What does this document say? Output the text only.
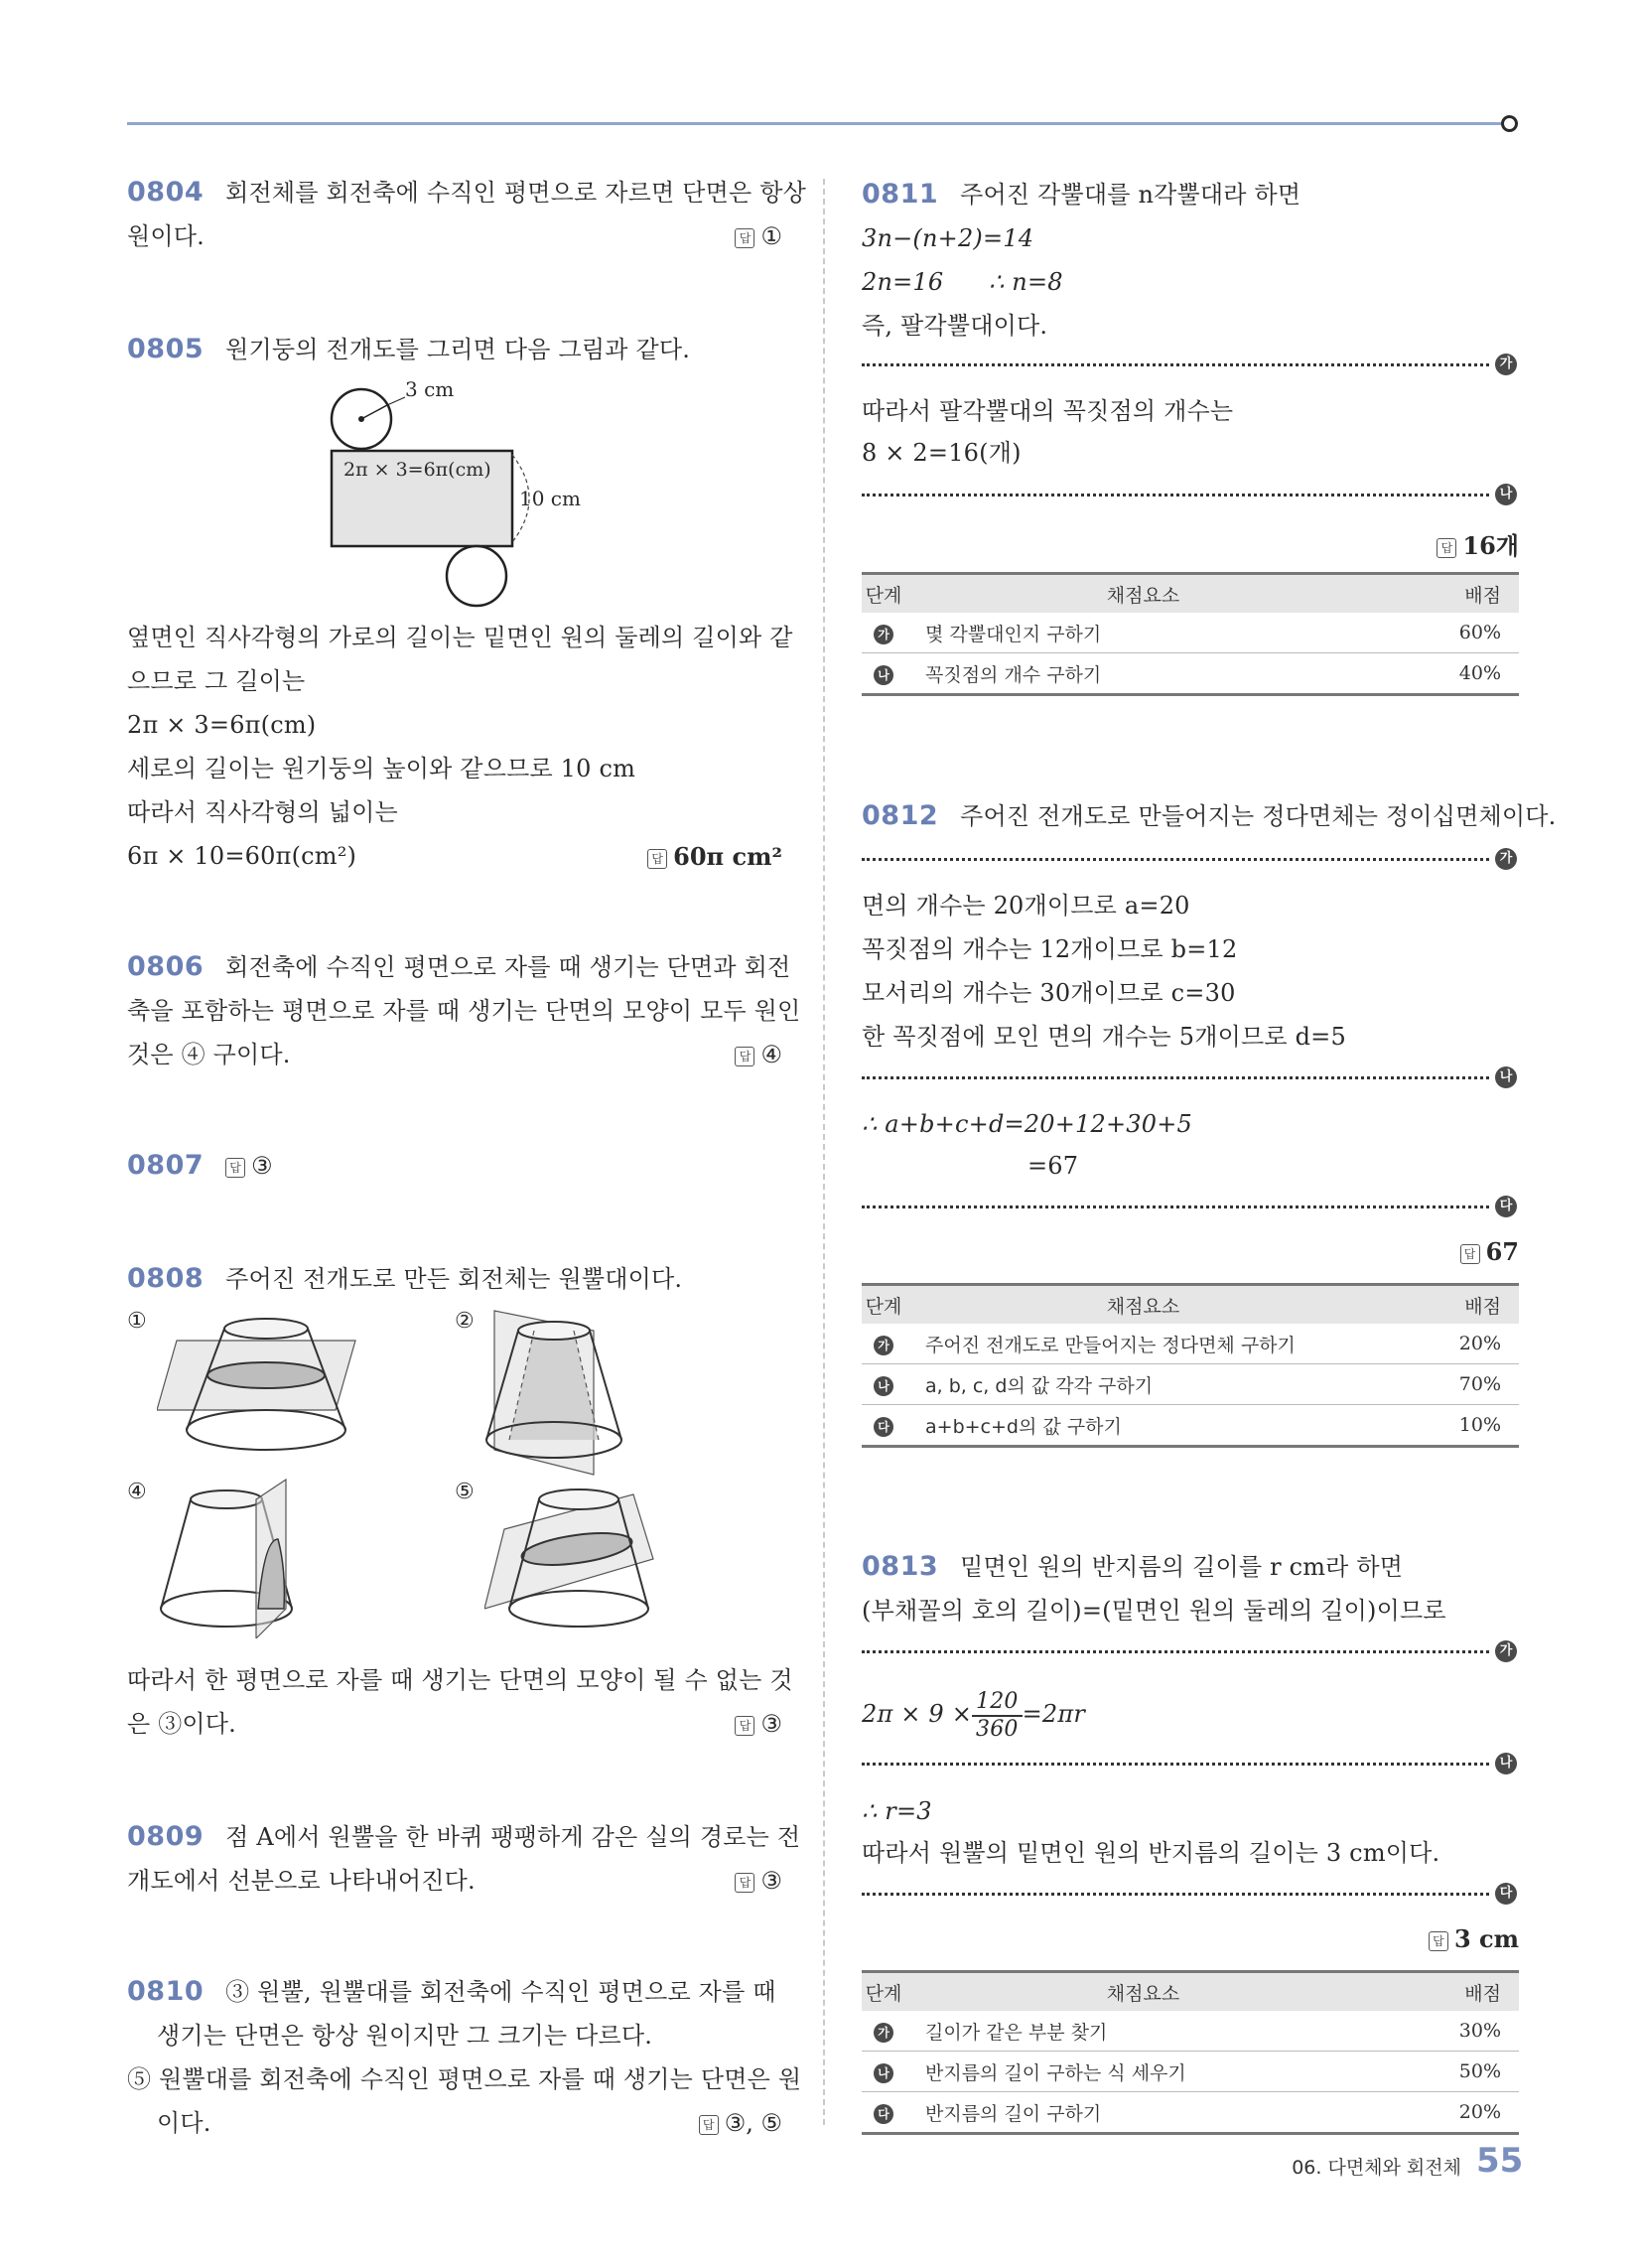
0804 회전체를 회전축에 수직인 평면으로 자르면 단면은 항상
원이다.	답 ①
0805 원기둥의 전개도를 그리면 다음 그림과 같다.
3 cm
2π × 3=6π(cm)
10 cm
옆면인 직사각형의 가로의 길이는 밑면인 원의 둘레의 길이와 같
으므로 그 길이는
2π × 3=6π(cm)
세로의 길이는 원기둥의 높이와 같으므로 10 cm
따라서 직사각형의 넓이는
6π × 10=60π(cm²)	답 60π cm²
0806 회전축에 수직인 평면으로 자를 때 생기는 단면과 회전
축을 포함하는 평면으로 자를 때 생기는 단면의 모양이 모두 원인
것은 ④ 구이다.	답 ④
0807 답 ③
0808 주어진 전개도로 만든 회전체는 원뿔대이다.
①	②
④	⑤
따라서 한 평면으로 자를 때 생기는 단면의 모양이 될 수 없는 것
은 ③이다.	답 ③
0809 점 A에서 원뿔을 한 바퀴 팽팽하게 감은 실의 경로는 전
개도에서 선분으로 나타내어진다.	답 ③
0810 ③ 원뿔, 원뿔대를 회전축에 수직인 평면으로 자를 때
생기는 단면은 항상 원이지만 그 크기는 다르다.
⑤ 원뿔대를 회전축에 수직인 평면으로 자를 때 생기는 단면은 원
이다.	답 ③, ⑤
0811 주어진 각뿔대를 n각뿔대라 하면
3n−(n+2)=14
2n=16 ∴ n=8
즉, 팔각뿔대이다.
가
따라서 팔각뿔대의 꼭짓점의 개수는
8 × 2=16(개)
나
답 16개
단계	채점요소	배점
가	몇 각뿔대인지 구하기	60%
나	꼭짓점의 개수 구하기	40%
0812 주어진 전개도로 만들어지는 정다면체는 정이십면체이다.
가
면의 개수는 20개이므로 a=20
꼭짓점의 개수는 12개이므로 b=12
모서리의 개수는 30개이므로 c=30
한 꼭짓점에 모인 면의 개수는 5개이므로 d=5
나
∴ a+b+c+d=20+12+30+5
=67
다
답 67
단계	채점요소	배점
가	주어진 전개도로 만들어지는 정다면체 구하기	20%
나	a, b, c, d의 값 각각 구하기	70%
다	a+b+c+d의 값 구하기	10%
0813 밑면인 원의 반지름의 길이를 r cm라 하면
(부채꼴의 호의 길이)=(밑면인 원의 둘레의 길이)이므로
가
$2\pi \times 9 \times \frac{120}{360} =2\pi r$
나
∴ r=3
따라서 원뿔의 밑면인 원의 반지름의 길이는 3 cm이다.
다
답 3 cm
단계	채점요소	배점
가	길이가 같은 부분 찾기	30%
나	반지름의 길이 구하는 식 세우기	50%
다	반지름의 길이 구하기	20%
06. 다면체와 회전체 55
